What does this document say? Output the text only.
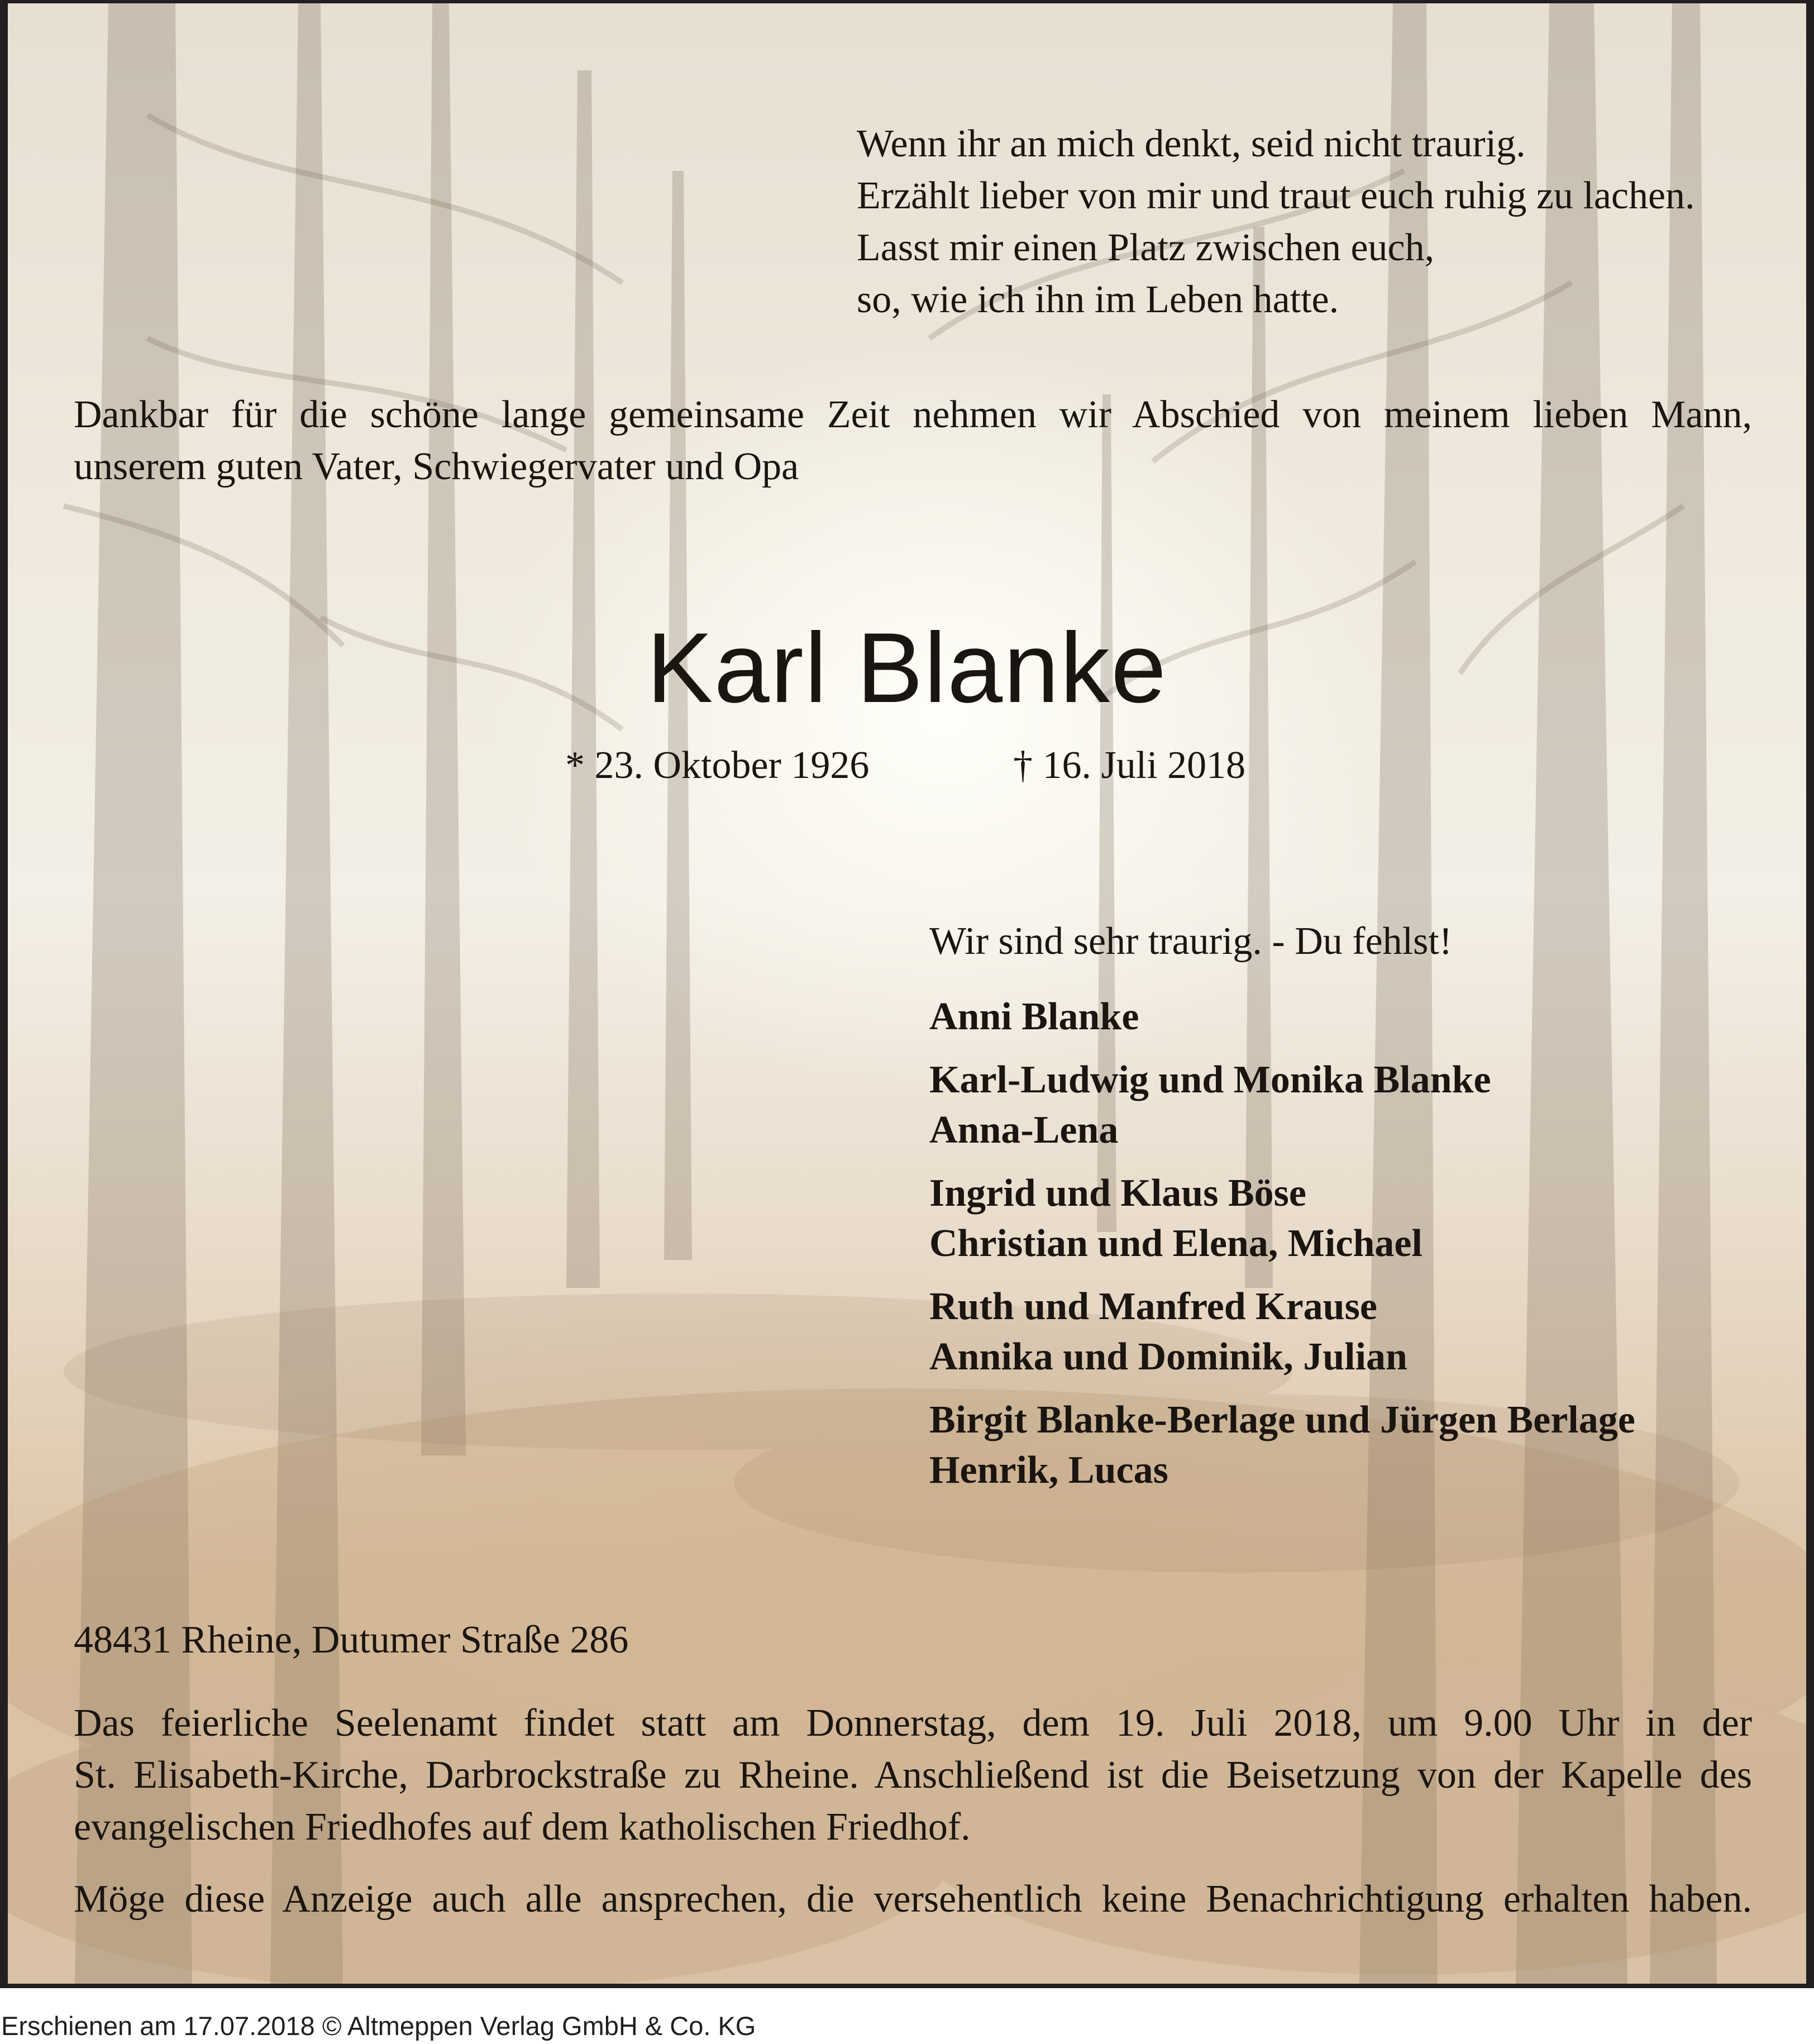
Wenn ihr an mich denkt, seid nicht traurig.
Erzählt lieber von mir und traut euch ruhig zu lachen.
Lasst mir einen Platz zwischen euch,
so, wie ich ihn im Leben hatte.

Dankbar für die schöne lange gemeinsame Zeit nehmen wir Abschied von meinem lieben Mann,
unserem guten Vater, Schwiegervater und Opa
Karl Blanke
* 23. Oktober 1926	† 16. Juli 2018
Wir sind sehr traurig. - Du fehlst!
Anni Blanke
Karl-Ludwig und Monika Blanke
Anna-Lena
Ingrid und Klaus Böse
Christian und Elena, Michael
Ruth und Manfred Krause
Annika und Dominik, Julian
Birgit Blanke-Berlage und Jürgen Berlage
Henrik, Lucas
48431 Rheine, Dutumer Straße 286
Das feierliche Seelenamt findet statt am Donnerstag, dem 19. Juli 2018, um 9.00 Uhr in der
St. Elisabeth-Kirche, Darbrockstraße zu Rheine. Anschließend ist die Beisetzung von der Kapelle des
evangelischen Friedhofes auf dem katholischen Friedhof.
Möge diese Anzeige auch alle ansprechen, die versehentlich keine Benachrichtigung erhalten haben.
Erschienen am 17.07.2018 © Altmeppen Verlag GmbH & Co. KG
